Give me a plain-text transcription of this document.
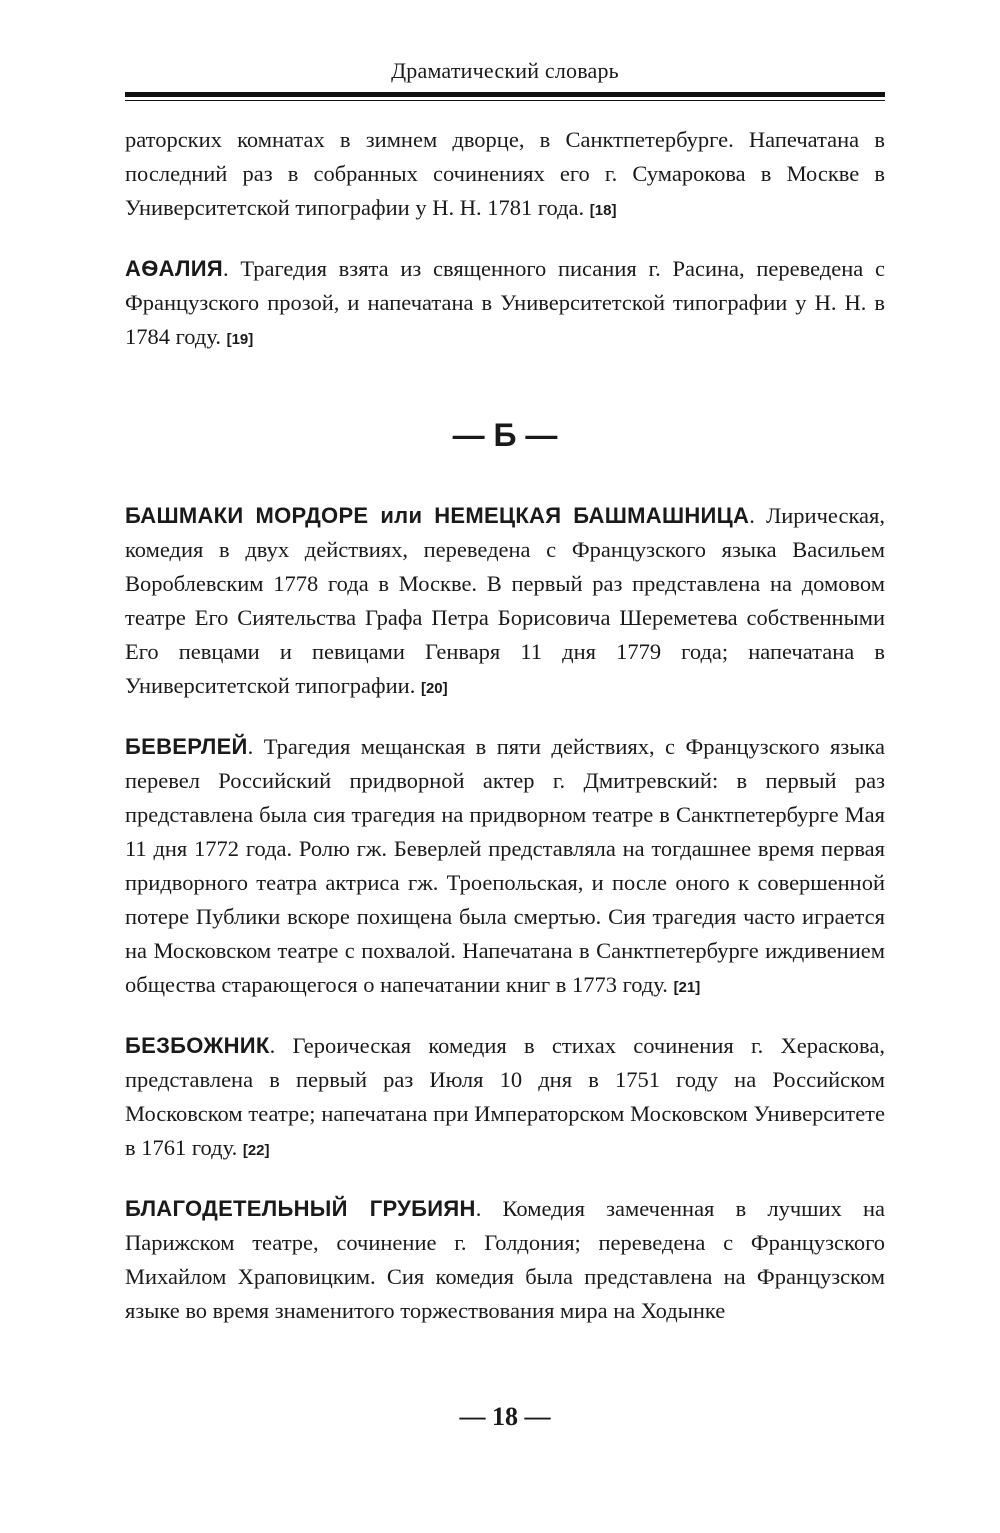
Драматический словарь

раторских комнатах в зимнем дворце, в Санктпетербурге. Напечатана в последний раз в собранных сочинениях его г. Сумарокова в Москве в Университетской типографии у Н. Н. 1781 года. [18]

АѲАЛИЯ. Трагедия взята из священного писания г. Расина, переведена с Французского прозой, и напечатана в Университетской типографии у Н. Н. в 1784 году. [19]

— Б —

БАШМАКИ МОРДОРЕ или НЕМЕЦКАЯ БАШМАШНИЦА. Лирическая, комедия в двух действиях, переведена с Французского языка Васильем Вороблевским 1778 года в Москве. В первый раз представлена на домовом театре Его Сиятельства Графа Петра Борисовича Шереметева собственными Его певцами и певицами Генваря 11 дня 1779 года; напечатана в Университетской типографии. [20]

БЕВЕРЛЕЙ. Трагедия мещанская в пяти действиях, с Французского языка перевел Российский придворной актер г. Дмитревский: в первый раз представлена была сия трагедия на придворном театре в Санктпетербурге Мая 11 дня 1772 года. Ролю гж. Беверлей представляла на тогдашнее время первая придворного театра актриса гж. Троепольская, и после оного к совершенной потере Публики вскоре похищена была смертью. Сия трагедия часто играется на Московском театре с похвалой. Напечатана в Санктпетербурге иждивением общества старающегося о напечатании книг в 1773 году. [21]

БЕЗБОЖНИК. Героическая комедия в стихах сочинения г. Хераскова, представлена в первый раз Июля 10 дня в 1751 году на Российском Московском театре; напечатана при Императорском Московском Университете в 1761 году. [22]

БЛАГОДЕТЕЛЬНЫЙ ГРУБИЯН. Комедия замеченная в лучших на Парижском театре, сочинение г. Голдония; переведена с Французского Михайлом Храповицким. Сия комедия была представлена на Французском языке во время знаменитого торжествования мира на Ходынке

— 18 —
